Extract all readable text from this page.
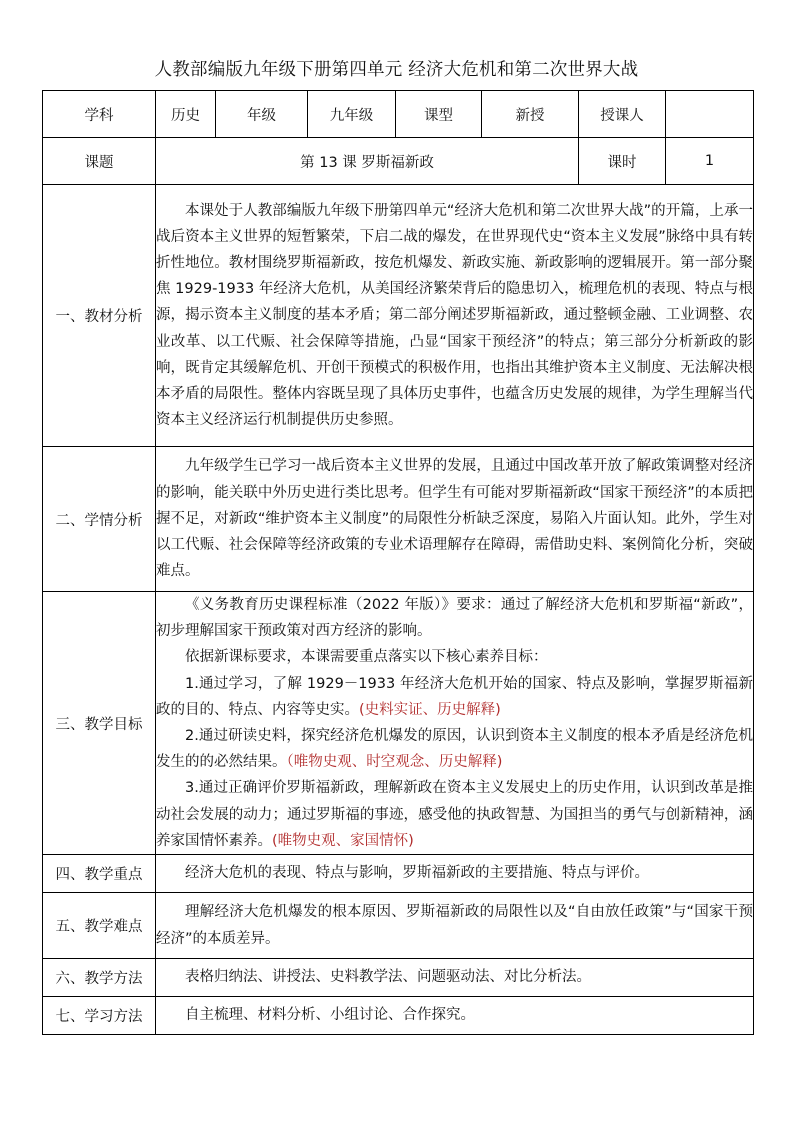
人教部编版九年级下册第四单元 经济大危机和第二次世界大战
学科	历史	年级	九年级	课型	新授	授课人	
课题	第 13 课 罗斯福新政					课时	1
一、教材分析	本课处于人教部编版九年级下册第四单元“经济大危机和第二次世界大战”的开篇，上承一战后资本主义世界的短暂繁荣，下启二战的爆发，在世界现代史“资本主义发展”脉络中具有转折性地位。教材围绕罗斯福新政，按危机爆发、新政实施、新政影响的逻辑展开。第一部分聚焦 1929-1933 年经济大危机，从美国经济繁荣背后的隐患切入，梳理危机的表现、特点与根源，揭示资本主义制度的基本矛盾；第二部分阐述罗斯福新政，通过整顿金融、工业调整、农业改革、以工代赈、社会保障等措施，凸显“国家干预经济”的特点；第三部分分析新政的影响，既肯定其缓解危机、开创干预模式的积极作用，也指出其维护资本主义制度、无法解决根本矛盾的局限性。整体内容既呈现了具体历史事件，也蕴含历史发展的规律，为学生理解当代资本主义经济运行机制提供历史参照。						

二、学情分析	九年级学生已学习一战后资本主义世界的发展，且通过中国改革开放了解政策调整对经济的影响，能关联中外历史进行类比思考。但学生有可能对罗斯福新政“国家干预经济”的本质把握不足，对新政“维护资本主义制度”的局限性分析缺乏深度，易陷入片面认知。此外，学生对以工代赈、社会保障等经济政策的专业术语理解存在障碍，需借助史料、案例简化分析，突破难点。						

三、教学目标	《义务教育历史课程标准（2022 年版）》要求：通过了解经济大危机和罗斯福“新政”，初步理解国家干预政策对西方经济的影响。
依据新课标要求，本课需要重点落实以下核心素养目标：
1.通过学习，了解 1929－1933 年经济大危机开始的国家、特点及影响，掌握罗斯福新政的目的、特点、内容等史实。(史料实证、历史解释)
2.通过研读史料，探究经济危机爆发的原因，认识到资本主义制度的根本矛盾是经济危机发生的的必然结果。（唯物史观、时空观念、历史解释)
3.通过正确评价罗斯福新政，理解新政在资本主义发展史上的历史作用，认识到改革是推动社会发展的动力；通过罗斯福的事迹，感受他的执政智慧、为国担当的勇气与创新精神，涵养家国情怀素养。(唯物史观、家国情怀)						

四、教学重点	经济大危机的表现、特点与影响，罗斯福新政的主要措施、特点与评价。						

五、教学难点	理解经济大危机爆发的根本原因、罗斯福新政的局限性以及“自由放任政策”与“国家干预经济”的本质差异。						

六、教学方法	表格归纳法、讲授法、史料教学法、问题驱动法、对比分析法。						

七、学习方法	自主梳理、材料分析、小组讨论、合作探究。						
